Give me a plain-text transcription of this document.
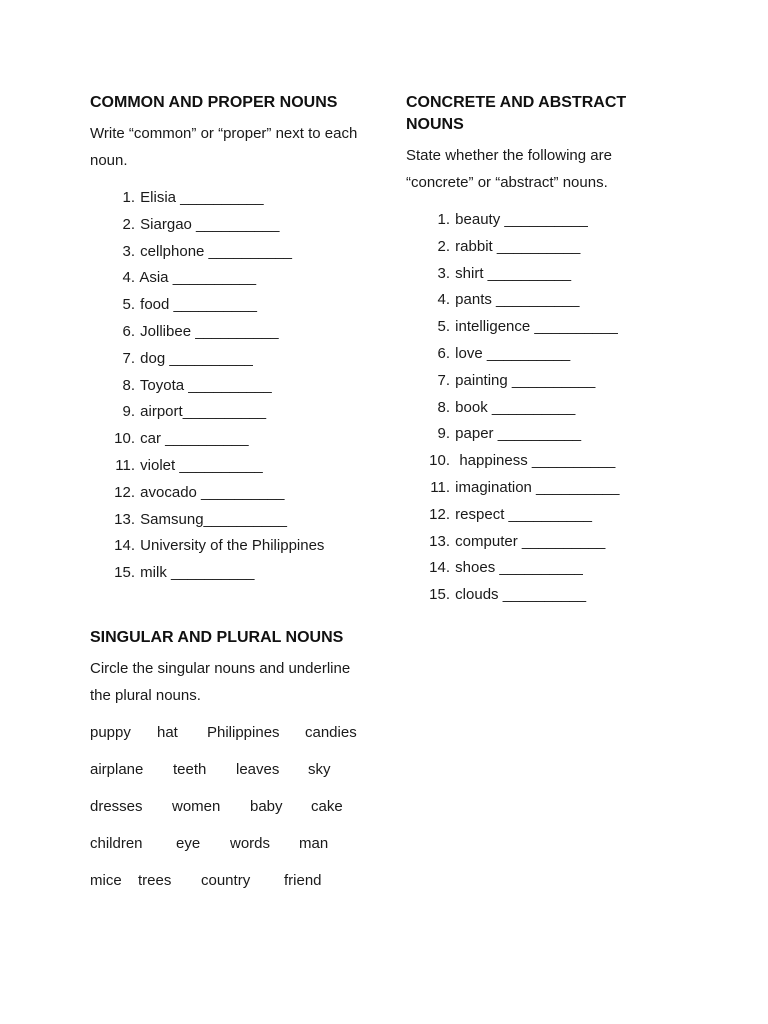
COMMON AND PROPER NOUNS

Write “common” or “proper” next to each noun.

1. Elisia __________
2. Siargao __________
3. cellphone __________
4. Asia __________
5. food __________
6. Jollibee __________
7. dog __________
8. Toyota __________
9. airport__________
10. car __________
11. violet __________
12. avocado __________
13. Samsung__________
14. University of the Philippines
15. milk __________
CONCRETE AND ABSTRACT
NOUNS

State whether the following are “concrete” or “abstract” nouns.

1. beauty __________
2. rabbit __________
3. shirt __________
4. pants __________
5. intelligence __________
6. love __________
7. painting __________
8. book __________
9. paper __________
10.  happiness __________
11. imagination __________
12. respect __________
13. computer __________
14. shoes __________
15. clouds __________
SINGULAR AND PLURAL NOUNS

Circle the singular nouns and underline the plural nouns.

puppy

hat

Philippines

candies

airplane

teeth

leaves

sky

dresses

women

baby

cake

children

eye

words

man

mice

trees

country

friend
